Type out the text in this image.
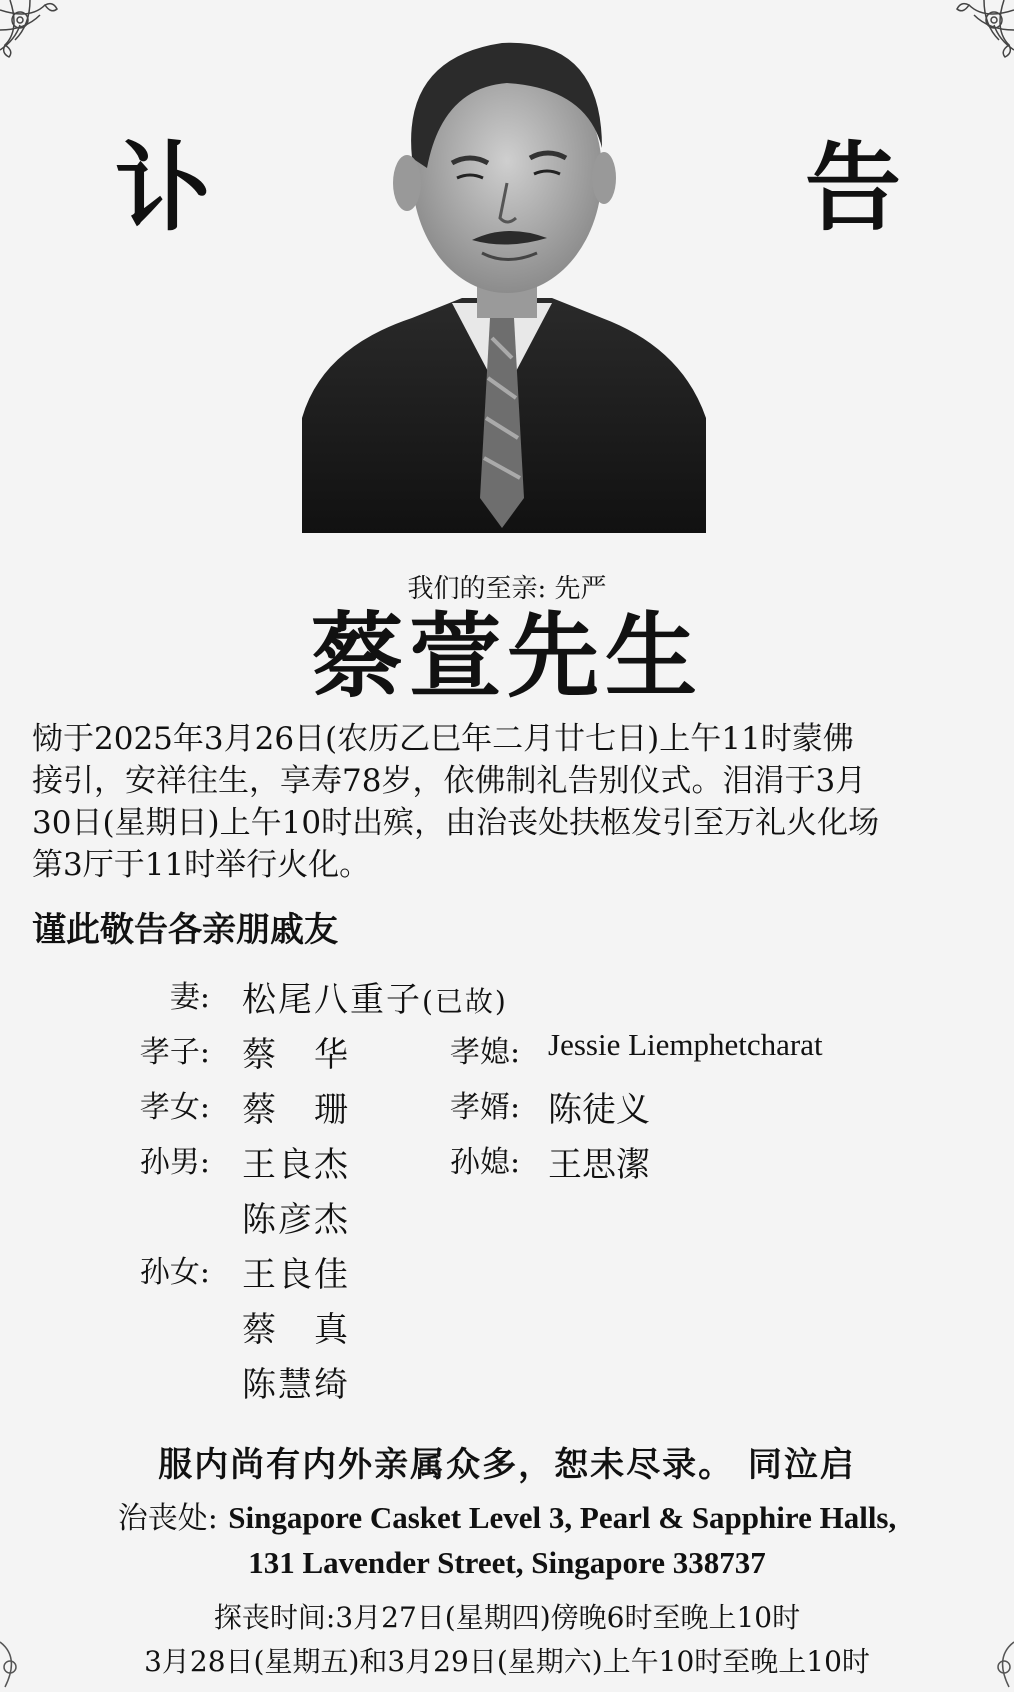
讣	告
我们的至亲: 先严
蔡萱先生
恸于2025年3月26日(农历乙巳年二月廿七日)上午11时蒙佛
接引，安祥往生，享寿78岁，依佛制礼告别仪式。泪涓于3月
30日(星期日)上午10时出殡，由治丧处扶柩发引至万礼火化场
第3厅于11时举行火化。
谨此敬告各亲朋戚友
妻: 松尾八重子(已故)
孝子: 蔡　华	孝媳: Jessie Liemphetcharat
孝女: 蔡　珊	孝婿: 陈徒义
孙男: 王良杰	孙媳: 王思潔
陈彦杰
孙女: 王良佳
蔡　真
陈慧绮
服内尚有内外亲属众多，恕未尽录。 同泣启
治丧处: Singapore Casket Level 3, Pearl & Sapphire Halls,
131 Lavender Street, Singapore 338737
探丧时间:3月27日(星期四)傍晚6时至晚上10时
3月28日(星期五)和3月29日(星期六)上午10时至晚上10时
